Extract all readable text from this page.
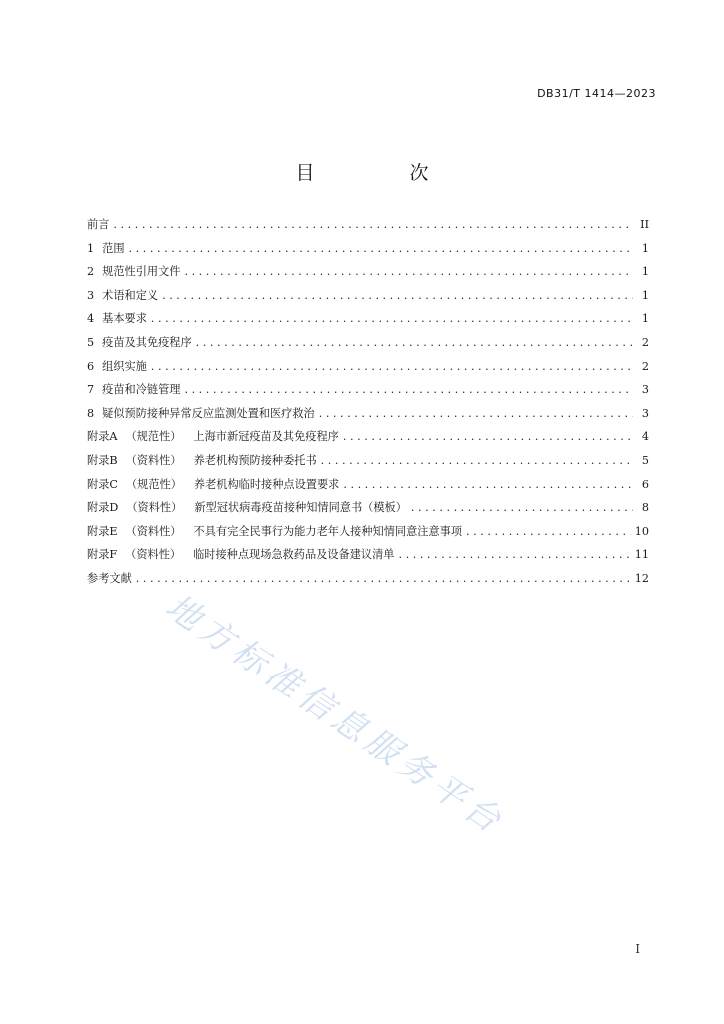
DB31/T 1414—2023
目　次
前言 . . .	II
1 范围 . . .	1
2 规范性引用文件 . . .	1
3 术语和定义 . . .	1
4 基本要求 . . .	1
5 疫苗及其免疫程序 . . .	2
6 组织实施 . . .	2
7 疫苗和冷链管理 . . .	3
8 疑似预防接种异常反应监测处置和医疗救治 . . .	3
附录A （规范性） 上海市新冠疫苗及其免疫程序 . . .	4
附录B （资料性） 养老机构预防接种委托书 . . .	5
附录C （规范性） 养老机构临时接种点设置要求 . . .	6
附录D （资料性） 新型冠状病毒疫苗接种知情同意书（模板） . . .	8
附录E （资料性） 不具有完全民事行为能力老年人接种知情同意注意事项 . . .	10
附录F （资料性） 临时接种点现场急救药品及设备建议清单 . . .	11
参考文献 . . .	12
地方标准信息服务平台
I
